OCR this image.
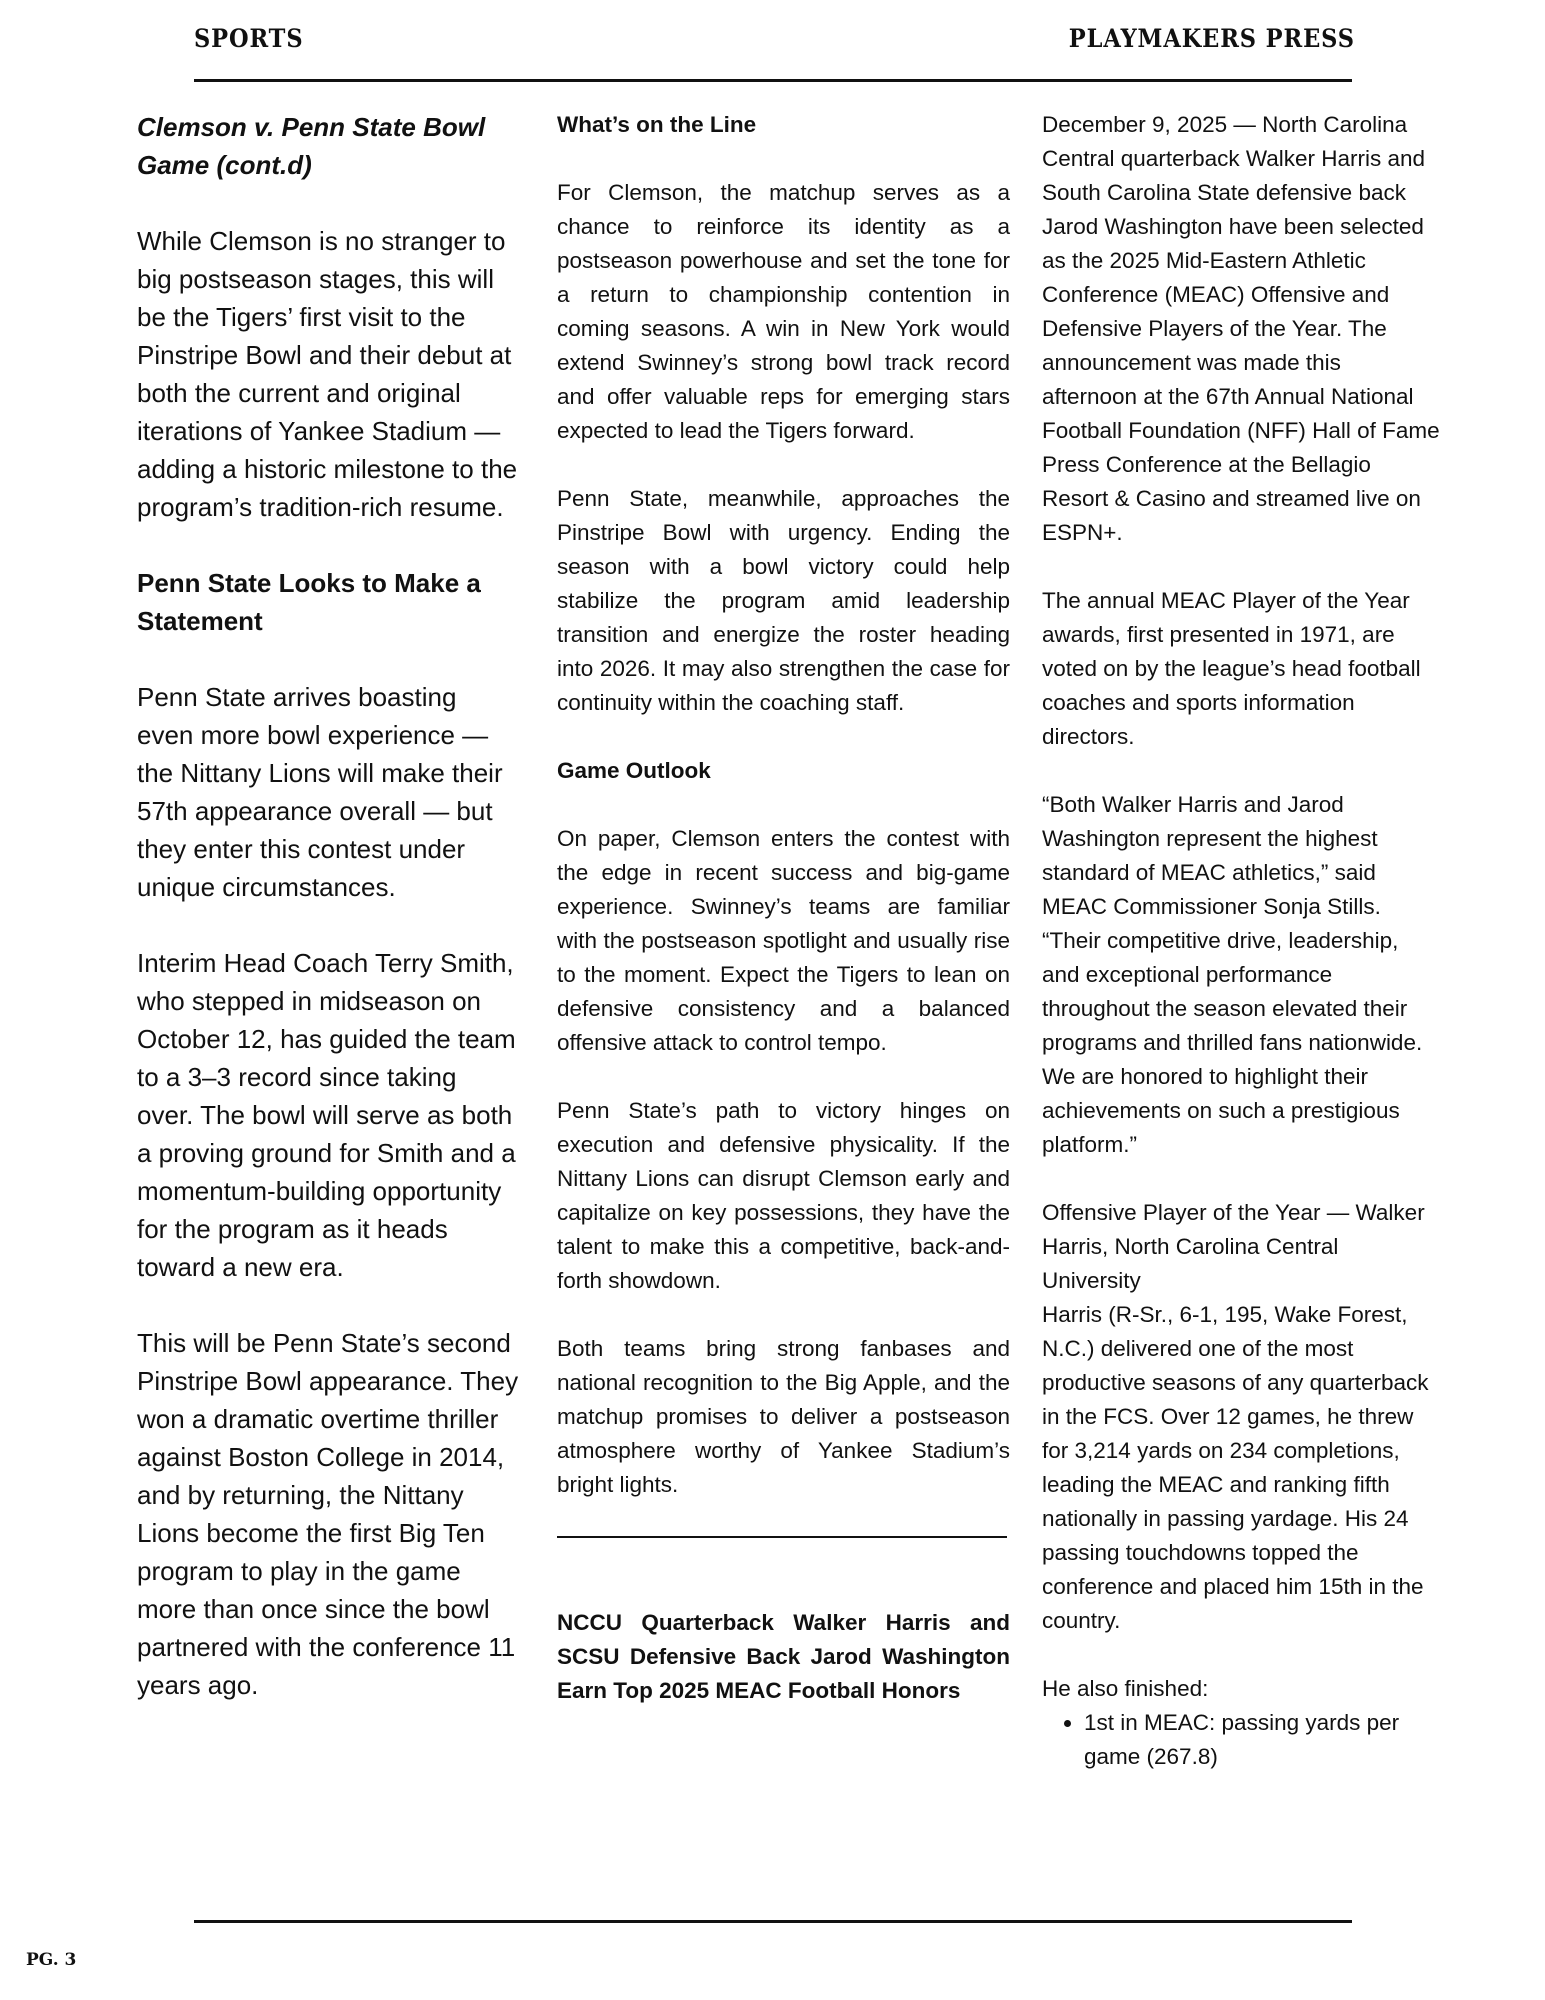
SPORTS	PLAYMAKERS PRESS
Clemson v. Penn State Bowl Game (cont.d)

While Clemson is no stranger to big postseason stages, this will be the Tigers’ first visit to the Pinstripe Bowl and their debut at both the current and original iterations of Yankee Stadium — adding a historic milestone to the program’s tradition-rich resume.

Penn State Looks to Make a Statement

Penn State arrives boasting even more bowl experience — the Nittany Lions will make their 57th appearance overall — but they enter this contest under unique circumstances.

Interim Head Coach Terry Smith, who stepped in midseason on October 12, has guided the team to a 3–3 record since taking over. The bowl will serve as both a proving ground for Smith and a momentum-building opportunity for the program as it heads toward a new era.

This will be Penn State’s second Pinstripe Bowl appearance. They won a dramatic overtime thriller against Boston College in 2014, and by returning, the Nittany Lions become the first Big Ten program to play in the game more than once since the bowl partnered with the conference 11 years ago.

What’s on the Line

For Clemson, the matchup serves as a chance to reinforce its identity as a postseason powerhouse and set the tone for a return to championship contention in coming seasons. A win in New York would extend Swinney’s strong bowl track record and offer valuable reps for emerging stars expected to lead the Tigers forward.

Penn State, meanwhile, approaches the Pinstripe Bowl with urgency. Ending the season with a bowl victory could help stabilize the program amid leadership transition and energize the roster heading into 2026. It may also strengthen the case for continuity within the coaching staff.

Game Outlook

On paper, Clemson enters the contest with the edge in recent success and big-game experience. Swinney’s teams are familiar with the postseason spotlight and usually rise to the moment. Expect the Tigers to lean on defensive consistency and a balanced offensive attack to control tempo.

Penn State’s path to victory hinges on execution and defensive physicality. If the Nittany Lions can disrupt Clemson early and capitalize on key possessions, they have the talent to make this a competitive, back-and-forth showdown.

Both teams bring strong fanbases and national recognition to the Big Apple, and the matchup promises to deliver a postseason atmosphere worthy of Yankee Stadium’s bright lights.

NCCU Quarterback Walker Harris and SCSU Defensive Back Jarod Washington Earn Top 2025 MEAC Football Honors

December 9, 2025 — North Carolina Central quarterback Walker Harris and South Carolina State defensive back Jarod Washington have been selected as the 2025 Mid-Eastern Athletic Conference (MEAC) Offensive and Defensive Players of the Year. The announcement was made this afternoon at the 67th Annual National Football Foundation (NFF) Hall of Fame Press Conference at the Bellagio Resort & Casino and streamed live on ESPN+.

The annual MEAC Player of the Year awards, first presented in 1971, are voted on by the league’s head football coaches and sports information directors.

“Both Walker Harris and Jarod Washington represent the highest standard of MEAC athletics,” said MEAC Commissioner Sonja Stills. “Their competitive drive, leadership, and exceptional performance throughout the season elevated their programs and thrilled fans nationwide. We are honored to highlight their achievements on such a prestigious platform.”

Offensive Player of the Year — Walker Harris, North Carolina Central University

Harris (R-Sr., 6-1, 195, Wake Forest, N.C.) delivered one of the most productive seasons of any quarterback in the FCS. Over 12 games, he threw for 3,214 yards on 234 completions, leading the MEAC and ranking fifth nationally in passing yardage. His 24 passing touchdowns topped the conference and placed him 15th in the country.

He also finished:

• 1st in MEAC: passing yards per game (267.8)
PG. 3
